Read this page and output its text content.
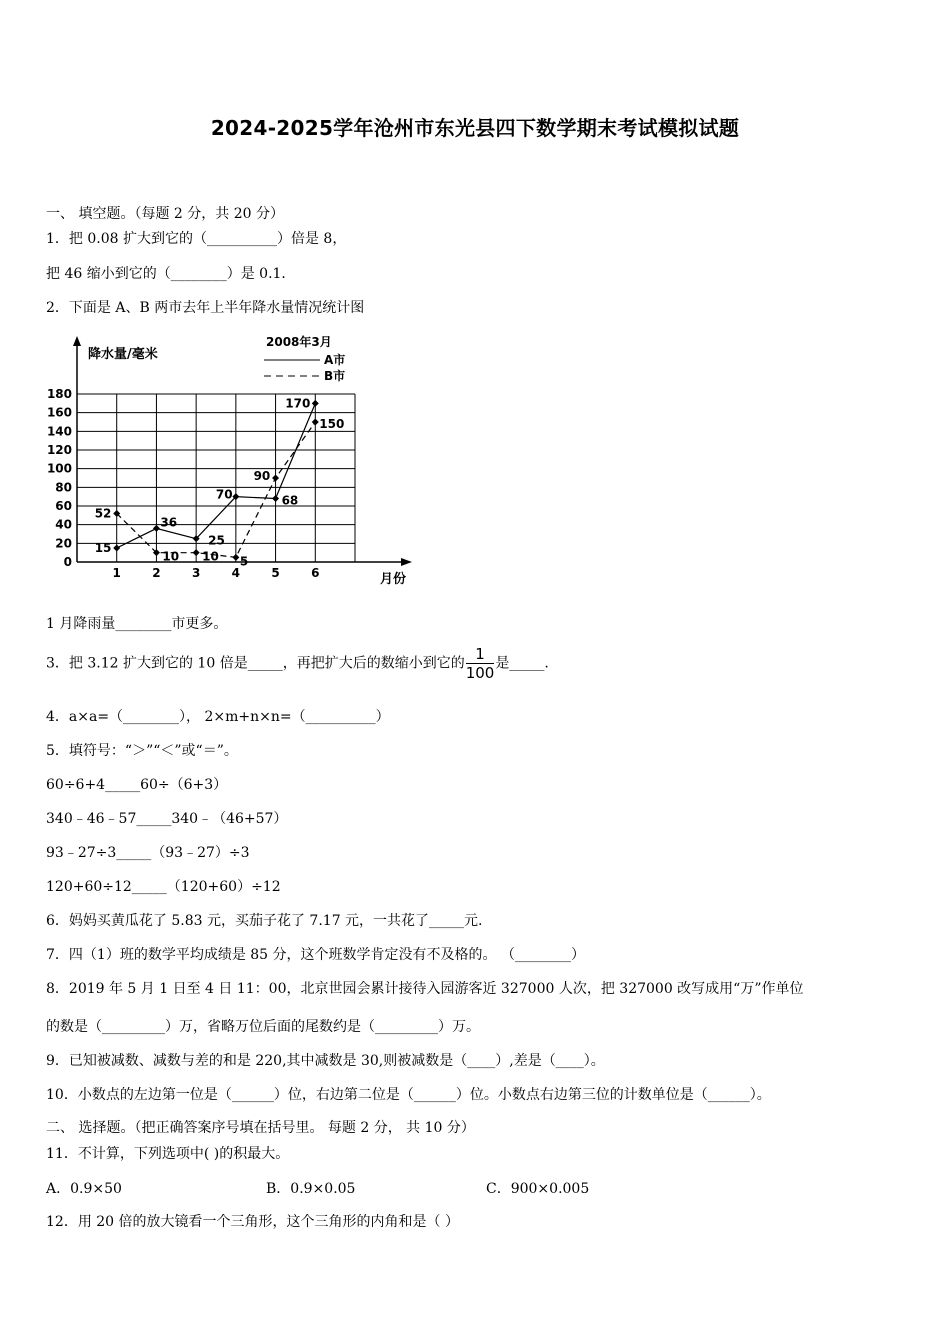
2024-2025学年沧州市东光县四下数学期末考试模拟试题
一、 填空题。（每题 2 分，共 20 分）
1．把 0.08 扩大到它的（__________）倍是 8，
把 46 缩小到它的（________）是 0.1．
2．下面是 A、B 两市去年上半年降水量情况统计图
0
20
40
60
80
100
120
140
160
180
1	2	3	4	5	6
15
36
25
70	68
170
52
10 10 5
90
150
降水量/毫米
月份
2008年3月
A市
B市
1 月降雨量________市更多。
3．把 3.12 扩大到它的 10 倍是_____，再把扩大后的数缩小到它的 $\frac{1}{100}$ 是_____.
4．a×a=（________）， 2×m+n×n=（__________）
5．填符号：“＞”“＜”或“＝”。
60÷6+4_____60÷（6+3）
340﹣46﹣57_____340﹣（46+57）
93﹣27÷3_____（93﹣27）÷3
120+60÷12_____（120+60）÷12
6．妈妈买黄瓜花了 5.83 元，买茄子花了 7.17 元，一共花了_____元.
7．四（1）班的数学平均成绩是 85 分，这个班数学肯定没有不及格的。 （________）
8．2019 年 5 月 1 日至 4 日 11：00，北京世园会累计接待入园游客近 327000 人次，把 327000 改写成用“万”作单位
的数是（_________）万，省略万位后面的尾数约是（_________）万。
9．已知被减数、减数与差的和是 220,其中减数是 30,则被减数是（____）,差是（____）。
10．小数点的左边第一位是（______）位，右边第二位是（______）位。小数点右边第三位的计数单位是（______）。
二、 选择题。（把正确答案序号填在括号里。 每题 2 分， 共 10 分）
11．不计算，下列选项中( )的积最大。
A．0.9×50	B．0.9×0.05	C．900×0.005
12．用 20 倍的放大镜看一个三角形，这个三角形的内角和是（ ）
